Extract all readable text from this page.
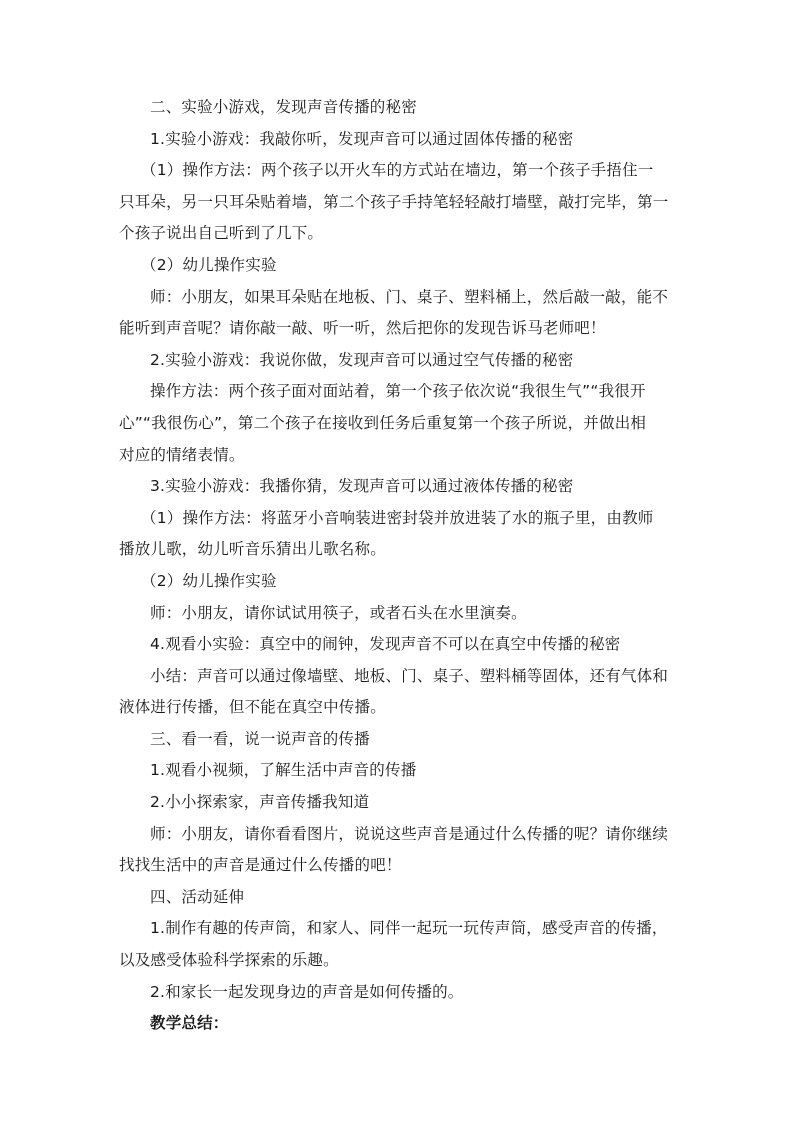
二、实验小游戏，发现声音传播的秘密

1.实验小游戏：我敲你听，发现声音可以通过固体传播的秘密

（1）操作方法：两个孩子以开火车的方式站在墙边，第一个孩子手捂住一

只耳朵，另一只耳朵贴着墙，第二个孩子手持笔轻轻敲打墙壁，敲打完毕，第一

个孩子说出自己听到了几下。

（2）幼儿操作实验

师：小朋友，如果耳朵贴在地板、门、桌子、塑料桶上，然后敲一敲，能不

能听到声音呢？请你敲一敲、听一听，然后把你的发现告诉马老师吧！

2.实验小游戏：我说你做，发现声音可以通过空气传播的秘密

操作方法：两个孩子面对面站着，第一个孩子依次说“我很生气”“我很开

心”“我很伤心”，第二个孩子在接收到任务后重复第一个孩子所说，并做出相

对应的情绪表情。

3.实验小游戏：我播你猜，发现声音可以通过液体传播的秘密

（1）操作方法：将蓝牙小音响装进密封袋并放进装了水的瓶子里，由教师

播放儿歌，幼儿听音乐猜出儿歌名称。

（2）幼儿操作实验

师：小朋友，请你试试用筷子，或者石头在水里演奏。

4.观看小实验：真空中的闹钟，发现声音不可以在真空中传播的秘密

小结：声音可以通过像墙壁、地板、门、桌子、塑料桶等固体，还有气体和

液体进行传播，但不能在真空中传播。

三、看一看，说一说声音的传播

1.观看小视频，了解生活中声音的传播

2.小小探索家，声音传播我知道

师：小朋友，请你看看图片，说说这些声音是通过什么传播的呢？请你继续

找找生活中的声音是通过什么传播的吧！

四、活动延伸

1.制作有趣的传声筒，和家人、同伴一起玩一玩传声筒，感受声音的传播，

以及感受体验科学探索的乐趣。

2.和家长一起发现身边的声音是如何传播的。

教学总结：
